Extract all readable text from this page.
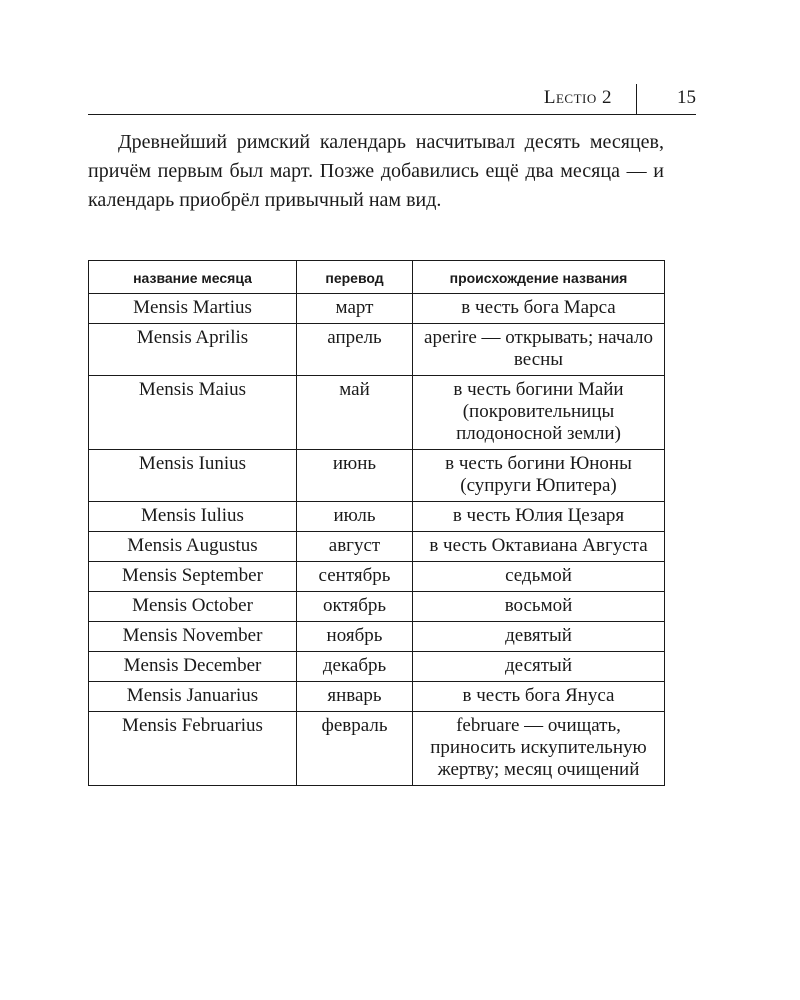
Lectio 2	15

Древнейший римский календарь насчитывал десять месяцев, причём первым был март. Позже добавились ещё два месяца — и календарь приобрёл привычный нам вид.

название месяца	перевод	происхождение названия
Mensis Martius	март	в честь бога Марса
Mensis Aprilis	апрель	aperire — открывать; начало весны
Mensis Maius	май	в честь богини Майи (покровительницы плодоносной земли)
Mensis Iunius	июнь	в честь богини Юноны (супруги Юпитера)
Mensis Iulius	июль	в честь Юлия Цезаря
Mensis Augustus	август	в честь Октавиана Августа
Mensis September	сентябрь	седьмой
Mensis October	октябрь	восьмой
Mensis November	ноябрь	девятый
Mensis December	декабрь	десятый
Mensis Januarius	январь	в честь бога Януса
Mensis Februarius	февраль	februare — очищать, приносить искупительную жертву; месяц очищений
